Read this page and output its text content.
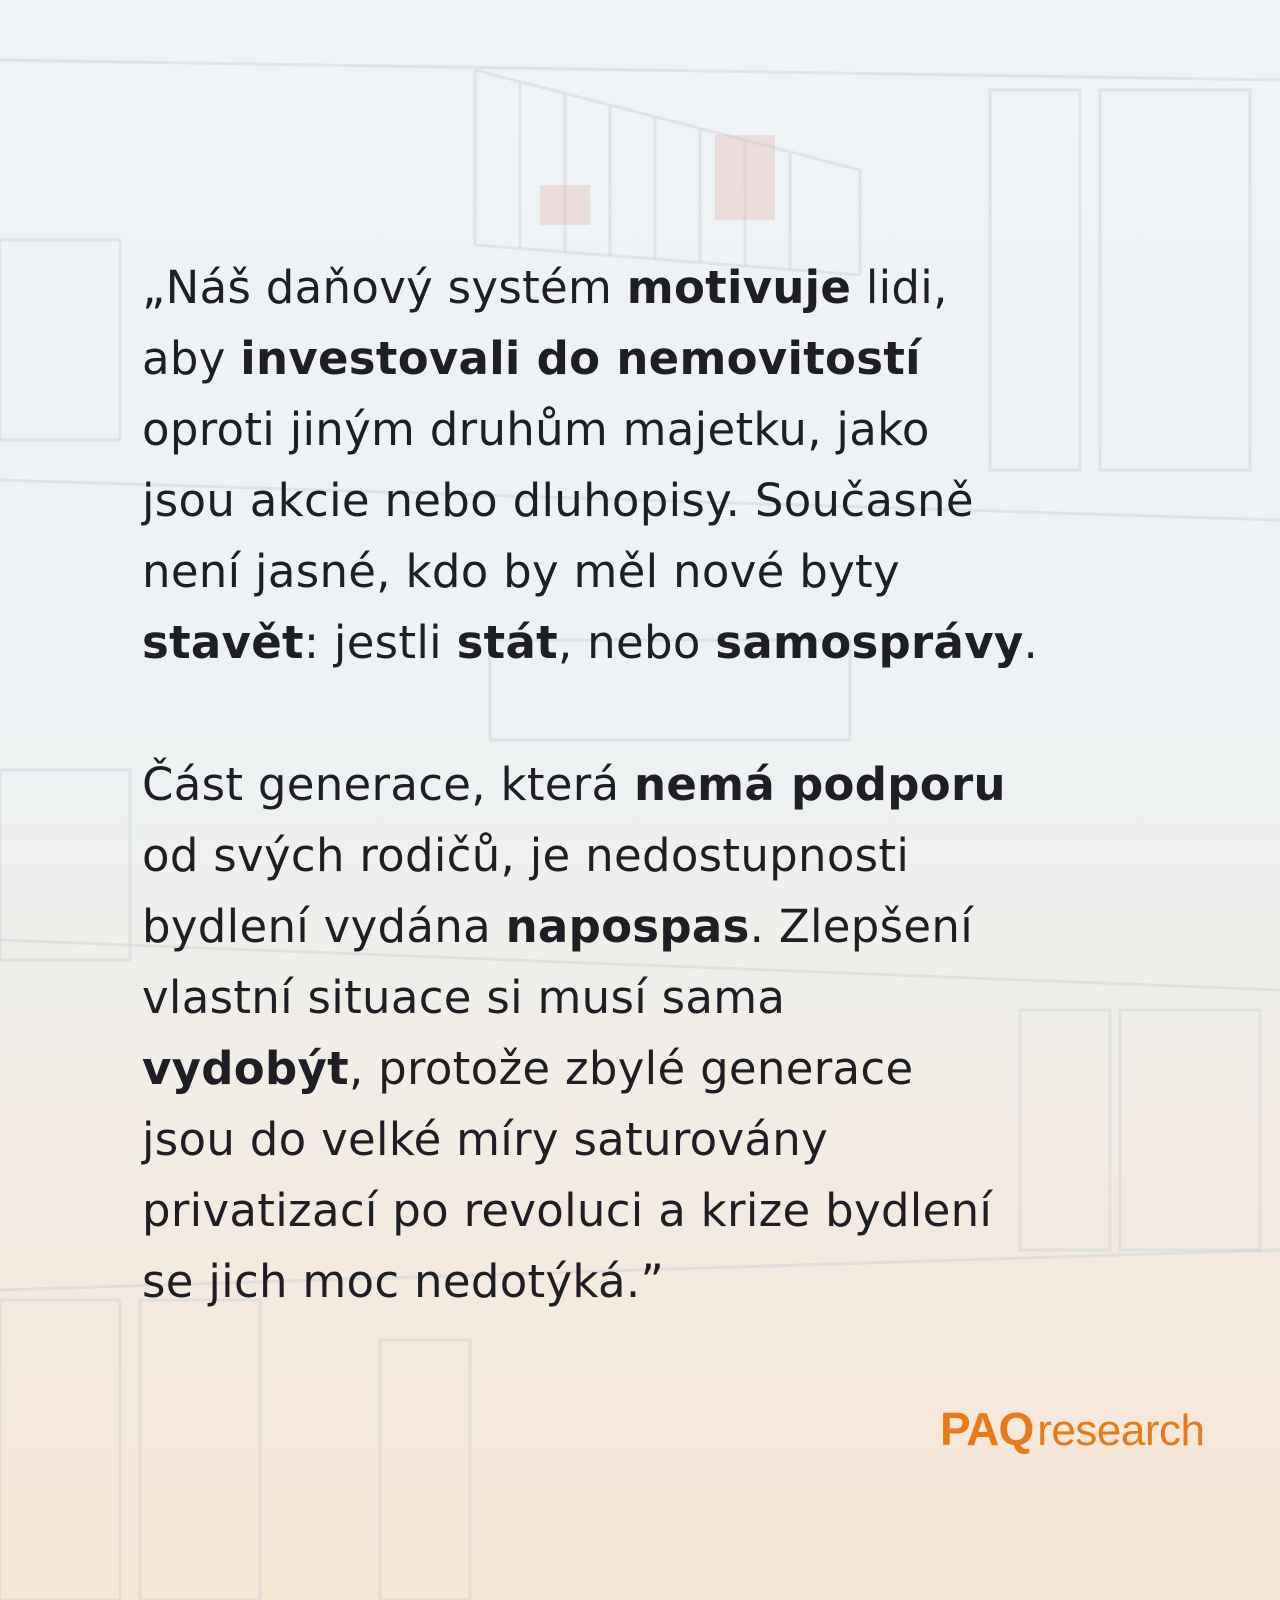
„Náš daňový systém motivuje lidi,
aby investovali do nemovitostí
oproti jiným druhům majetku, jako
jsou akcie nebo dluhopisy. Současně
není jasné, kdo by měl nové byty
stavět: jestli stát, nebo samosprávy.
Část generace, která nemá podporu
od svých rodičů, je nedostupnosti
bydlení vydána napospas. Zlepšení
vlastní situace si musí sama
vydobýt, protože zbylé generace
jsou do velké míry saturovány
privatizací po revoluci a krize bydlení
se jich moc nedotýká.”
PAQresearch
